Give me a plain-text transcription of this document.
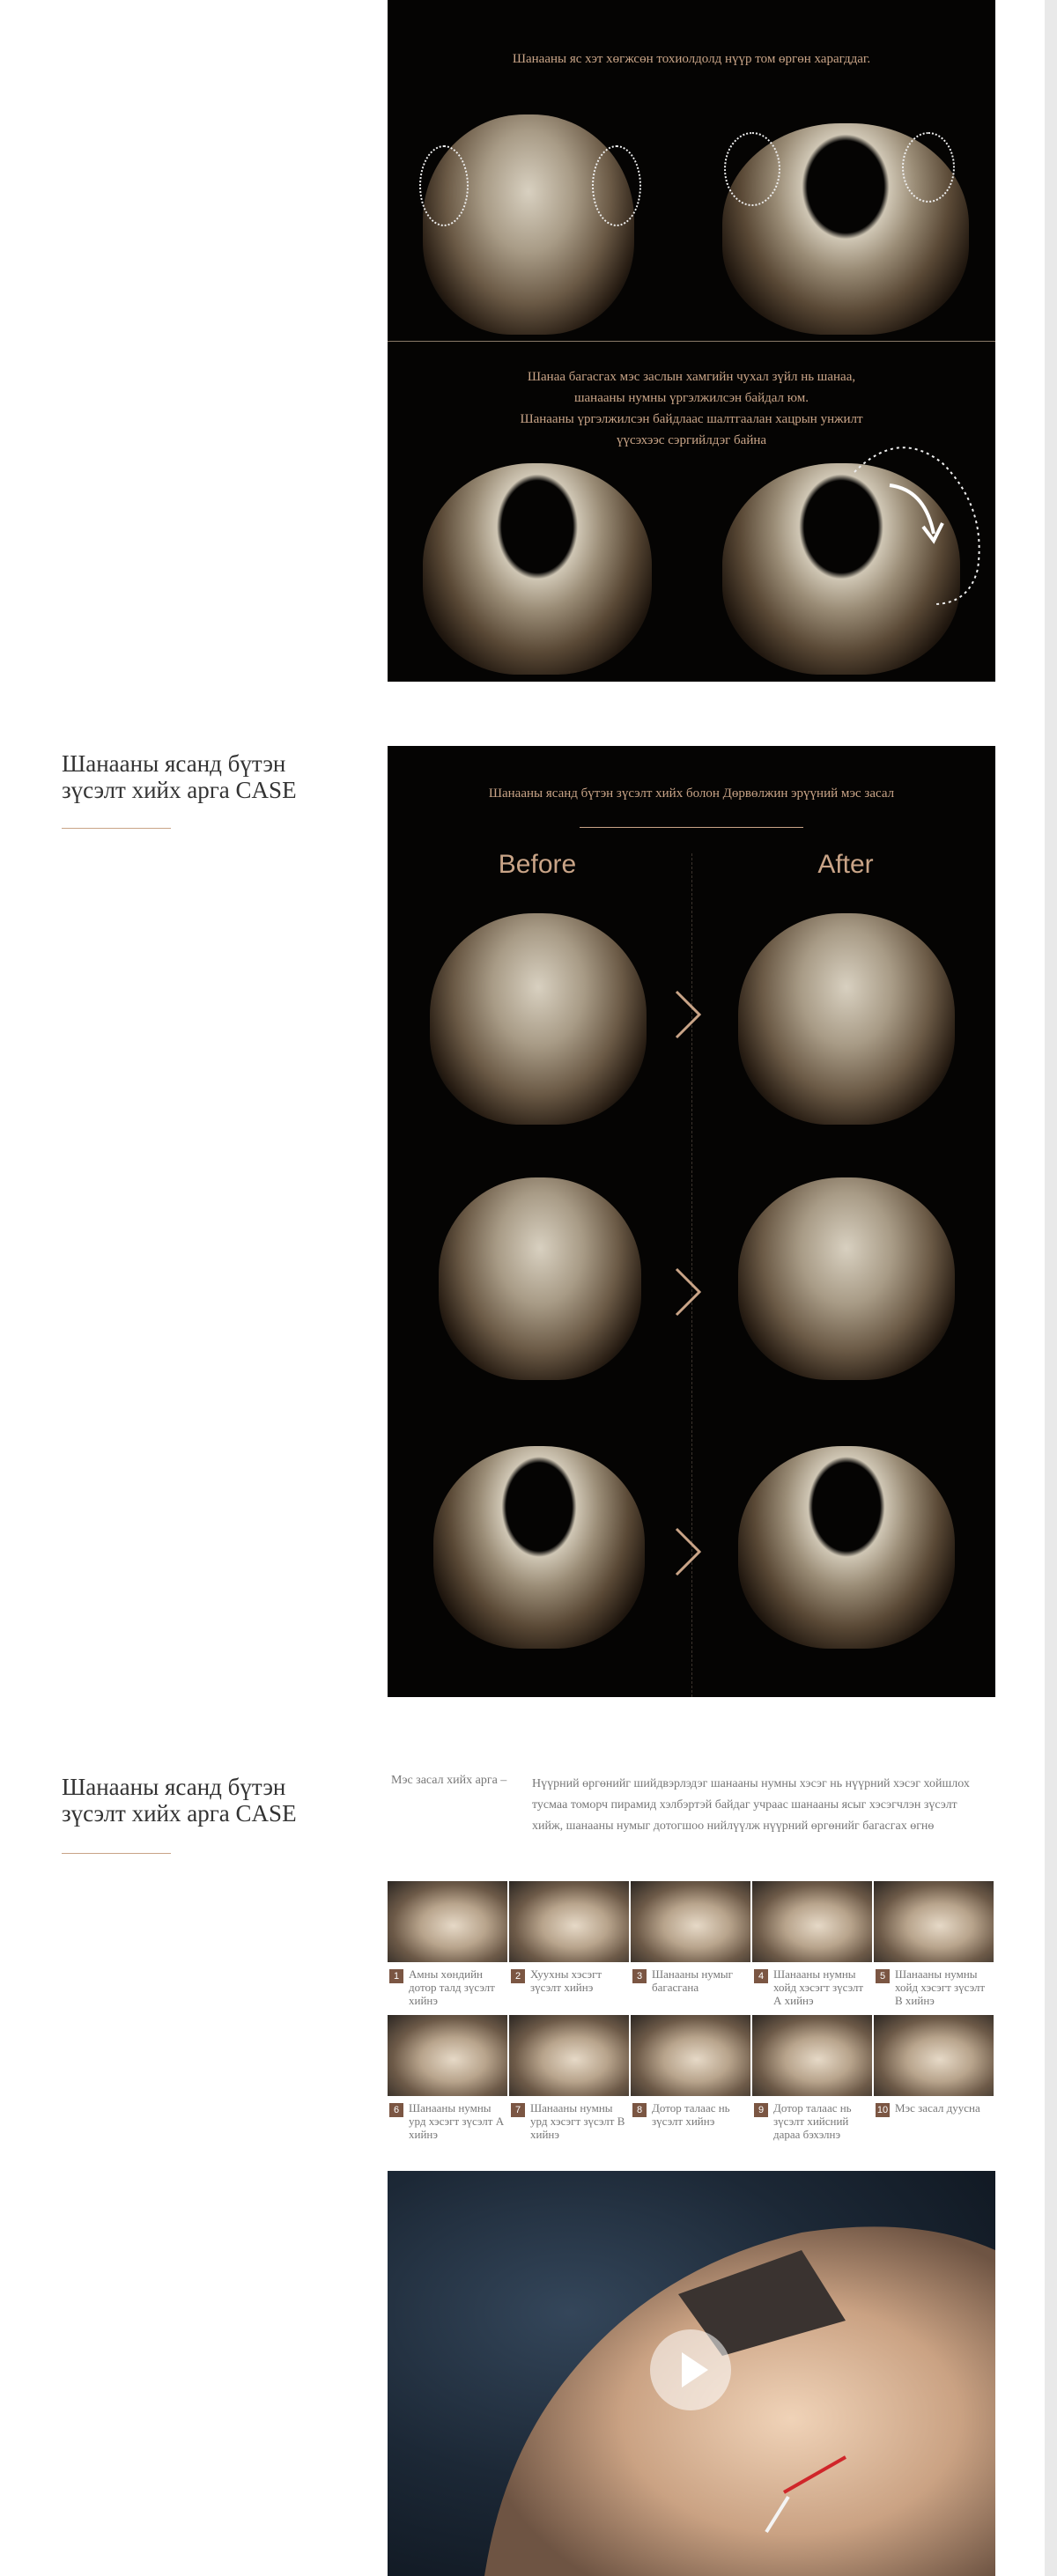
Шанааны яс хэт хөгжсөн тохиолдолд нүүр том өргөн харагддаг.
Шанаа багасгах мэс заслын хамгийн чухал зүйл нь шанаа,
шанааны нумны үргэлжилсэн байдал юм.
Шанааны үргэлжилсэн байдлаас шалтгаалан хацрын унжилт
үүсэхээс сэргийлдэг байна
Шанааны ясанд бүтэн зүсэлт хийх арга CASE	Шанааны ясанд бүтэн зүсэлт хийх болон Дөрвөлжин эрүүний мэс засал
Before	After
Шанааны ясанд бүтэн зүсэлт хийх арга CASE
Мэс засал хийх арга – Нүүрний өргөнийг шийдвэрлэдэг шанааны нумны хэсэг нь нүүрний хэсэг хойшлох тусмаа томорч пирамид хэлбэртэй байдаг учраас шанааны ясыг хэсэгчлэн зүсэлт хийж, шанааны нумыг дотогшоо нийлүүлж нүүрний өргөнийг багасгах өгнө
1 Амны хөндийн дотор талд зүсэлт хийнэ
2 Хуухны хэсэгт зүсэлт хийнэ
3 Шанааны нумыг багасгана
4 Шанааны нумны хойд хэсэгт зүсэлт А хийнэ
5 Шанааны нумны хойд хэсэгт зүсэлт В хийнэ
6 Шанааны нумны урд хэсэгт зүсэлт А хийнэ
7 Шанааны нумны урд хэсэгт зүсэлт В хийнэ
8 Дотор талаас нь зүсэлт хийнэ
9 Дотор талаас нь зүсэлт хийсний дараа бэхэлнэ
10 Мэс засал дууснa
